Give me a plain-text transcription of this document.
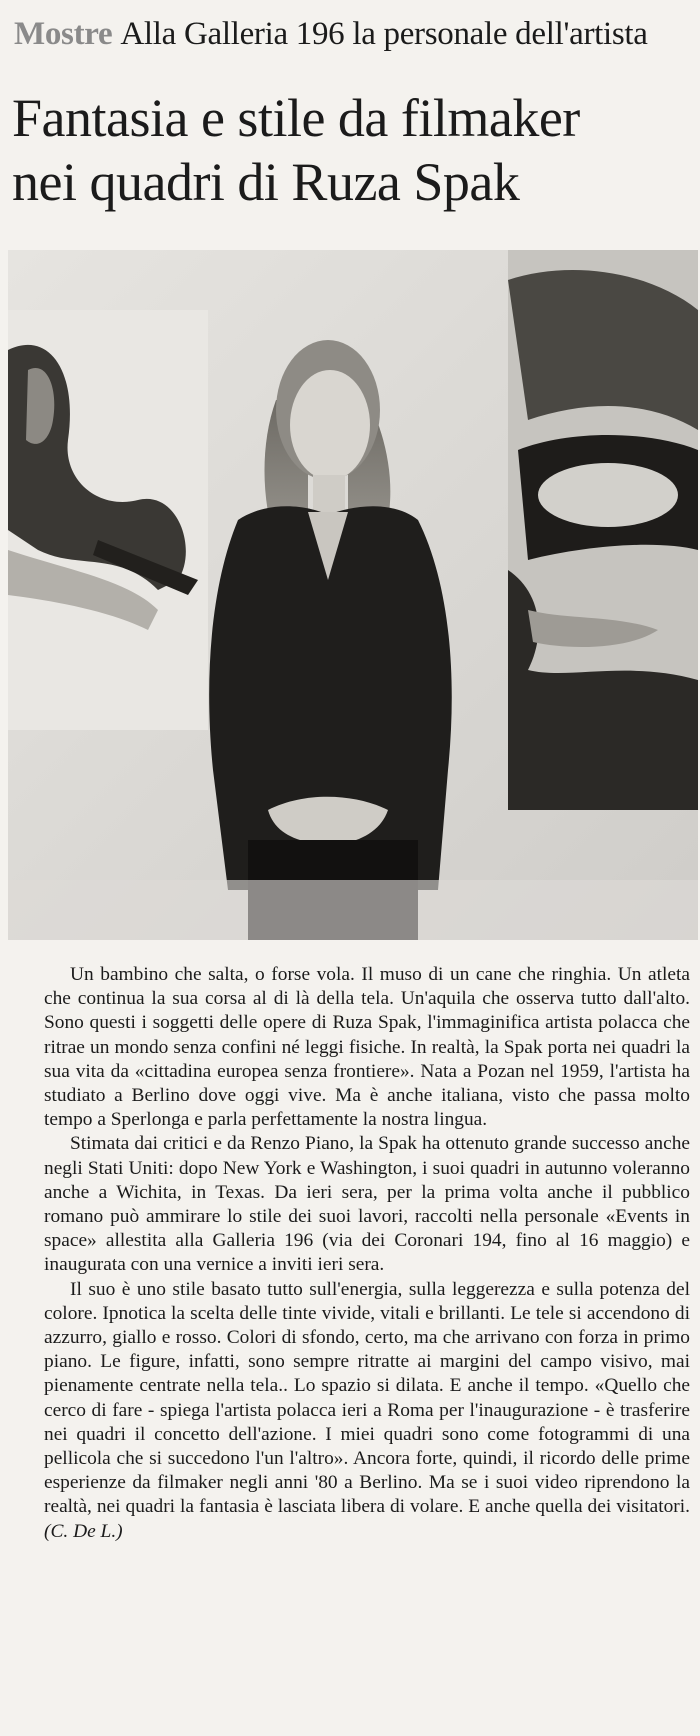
Mostre Alla Galleria 196 la personale dell'artista
Fantasia e stile da filmaker
nei quadri di Ruza Spak

Un bambino che salta, o forse vola. Il muso di un cane che ringhia. Un atleta che continua la sua corsa al di là della tela. Un'aquila che osserva tutto dall'alto. Sono questi i soggetti delle opere di Ruza Spak, l'immaginifica artista polacca che ritrae un mondo senza confini né leggi fisiche. In realtà, la Spak porta nei quadri la sua vita da «cittadina europea senza frontiere». Nata a Pozan nel 1959, l'artista ha studiato a Berlino dove oggi vive. Ma è anche italiana, visto che passa molto tempo a Sperlonga e parla perfettamente la nostra lingua.

Stimata dai critici e da Renzo Piano, la Spak ha ottenuto grande successo anche negli Stati Uniti: dopo New York e Washington, i suoi quadri in autunno voleranno anche a Wichita, in Texas. Da ieri sera, per la prima volta anche il pubblico romano può ammirare lo stile dei suoi lavori, raccolti nella personale «Events in space» allestita alla Galleria 196 (via dei Coronari 194, fino al 16 maggio) e inaugurata con una vernice a inviti ieri sera.

Il suo è uno stile basato tutto sull'energia, sulla leggerezza e sulla potenza del colore. Ipnotica la scelta delle tinte vivide, vitali e brillanti. Le tele si accendono di azzurro, giallo e rosso. Colori di sfondo, certo, ma che arrivano con forza in primo piano. Le figure, infatti, sono sempre ritratte ai margini del campo visivo, mai pienamente centrate nella tela.. Lo spazio si dilata. E anche il tempo. «Quello che cerco di fare - spiega l'artista polacca ieri a Roma per l'inaugurazione - è trasferire nei quadri il concetto dell'azione. I miei quadri sono come fotogrammi di una pellicola che si succedono l'un l'altro». Ancora forte, quindi, il ricordo delle prime esperienze da filmaker negli anni '80 a Berlino. Ma se i suoi video riprendono la realtà, nei quadri la fantasia è lasciata libera di volare. E anche quella dei visitatori. (C. De L.)
